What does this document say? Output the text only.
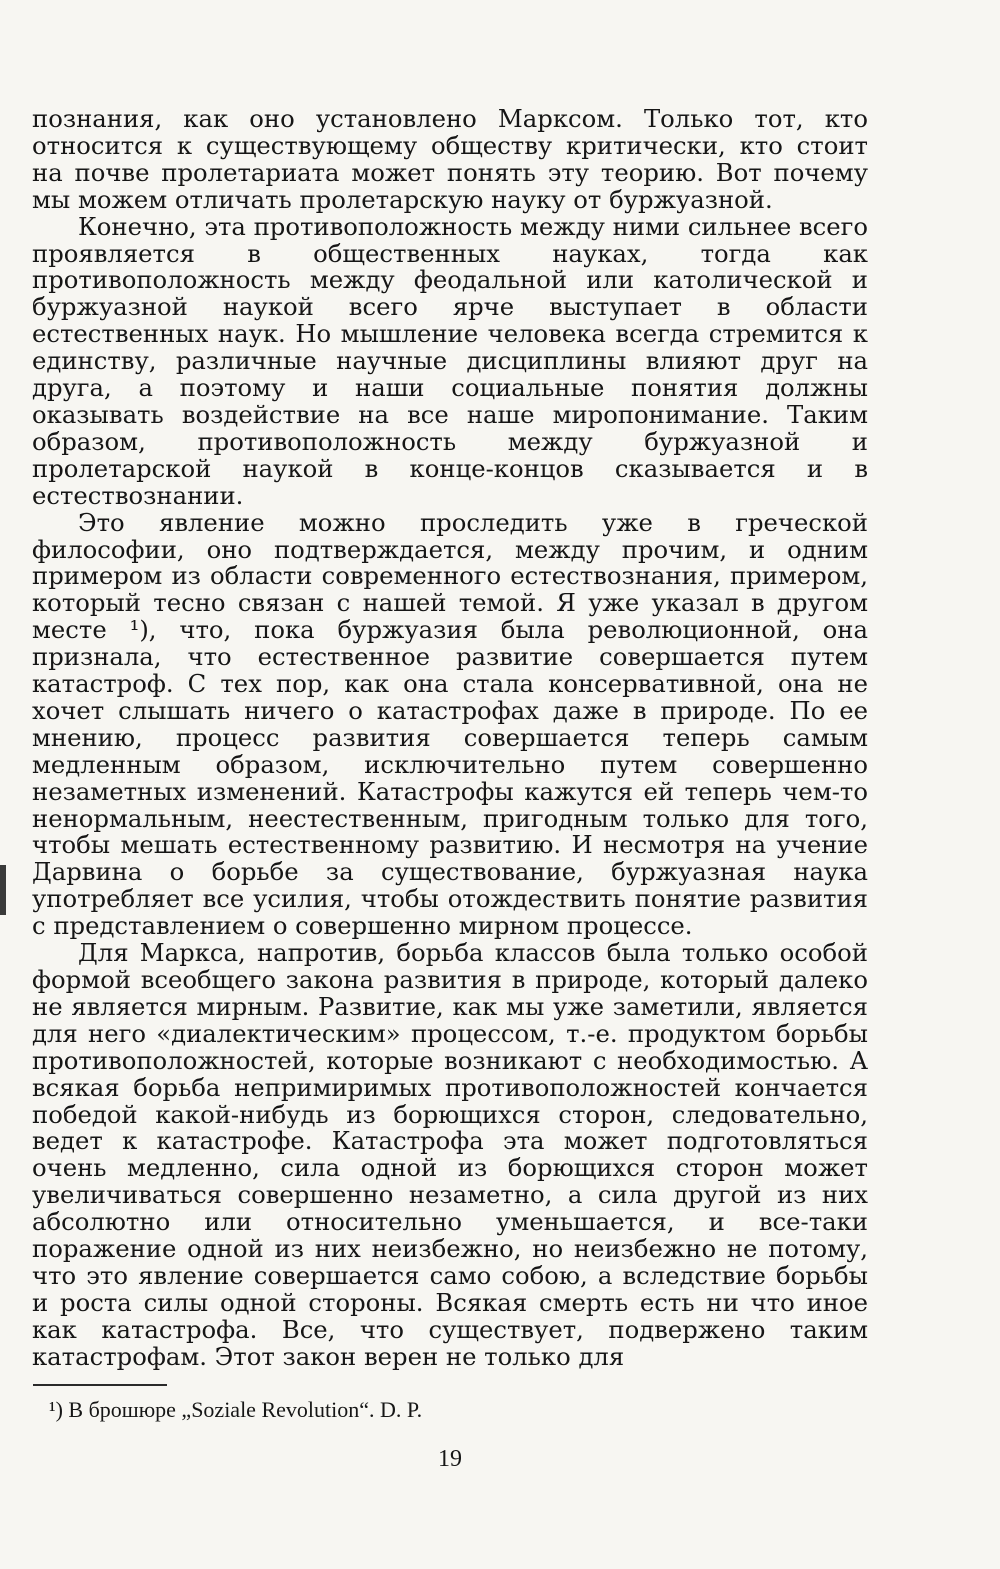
познания, как оно установлено Марксом. Только тот, кто относится к существующему обществу критически, кто стоит на почве пролетариата может понять эту теорию. Вот почему мы можем отличать пролетарскую науку от буржуазной.

Конечно, эта противоположность между ними сильнее всего проявляется в общественных науках, тогда как противоположность между феодальной или католической и буржуазной наукой всего ярче выступает в области естественных наук. Но мышление человека всегда стремится к единству, различные научные дисциплины влияют друг на друга, а поэтому и наши социальные понятия должны оказывать воздействие на все наше миропонимание. Таким образом, противоположность между буржуазной и пролетарской наукой в конце-концов сказывается и в естествознании.

Это явление можно проследить уже в греческой философии, оно подтверждается, между прочим, и одним примером из области современного естествознания, примером, который тесно связан с нашей темой. Я уже указал в другом месте ¹), что, пока буржуазия была революционной, она признала, что естественное развитие совершается путем катастроф. С тех пор, как она стала консервативной, она не хочет слышать ничего о катастрофах даже в природе. По ее мнению, процесс развития совершается теперь самым медленным образом, исключительно путем совершенно незаметных изменений. Катастрофы кажутся ей теперь чем-то ненормальным, неестественным, пригодным только для того, чтобы мешать естественному развитию. И несмотря на учение Дарвина о борьбе за существование, буржуазная наука употребляет все усилия, чтобы отождествить понятие развития с представлением о совершенно мирном процессе.

Для Маркса, напротив, борьба классов была только особой формой всеобщего закона развития в природе, который далеко не является мирным. Развитие, как мы уже заметили, является для него «диалектическим» процессом, т.-е. продуктом борьбы противоположностей, которые возникают с необходимостью. А всякая борьба непримиримых противоположностей кончается победой какой-нибудь из борющихся сторон, следовательно, ведет к катастрофе. Катастрофа эта может подготовляться очень медленно, сила одной из борющихся сторон может увеличиваться совершенно незаметно, а сила другой из них абсолютно или относительно уменьшается, и все-таки поражение одной из них неизбежно, но неизбежно не потому, что это явление совершается само собою, а вследствие борьбы и роста силы одной стороны. Всякая смерть есть ни что иное как катастрофа. Все, что существует, подвержено таким катастрофам. Этот закон верен не только для

¹) В брошюре „Soziale Revolution“. D. P.
19
